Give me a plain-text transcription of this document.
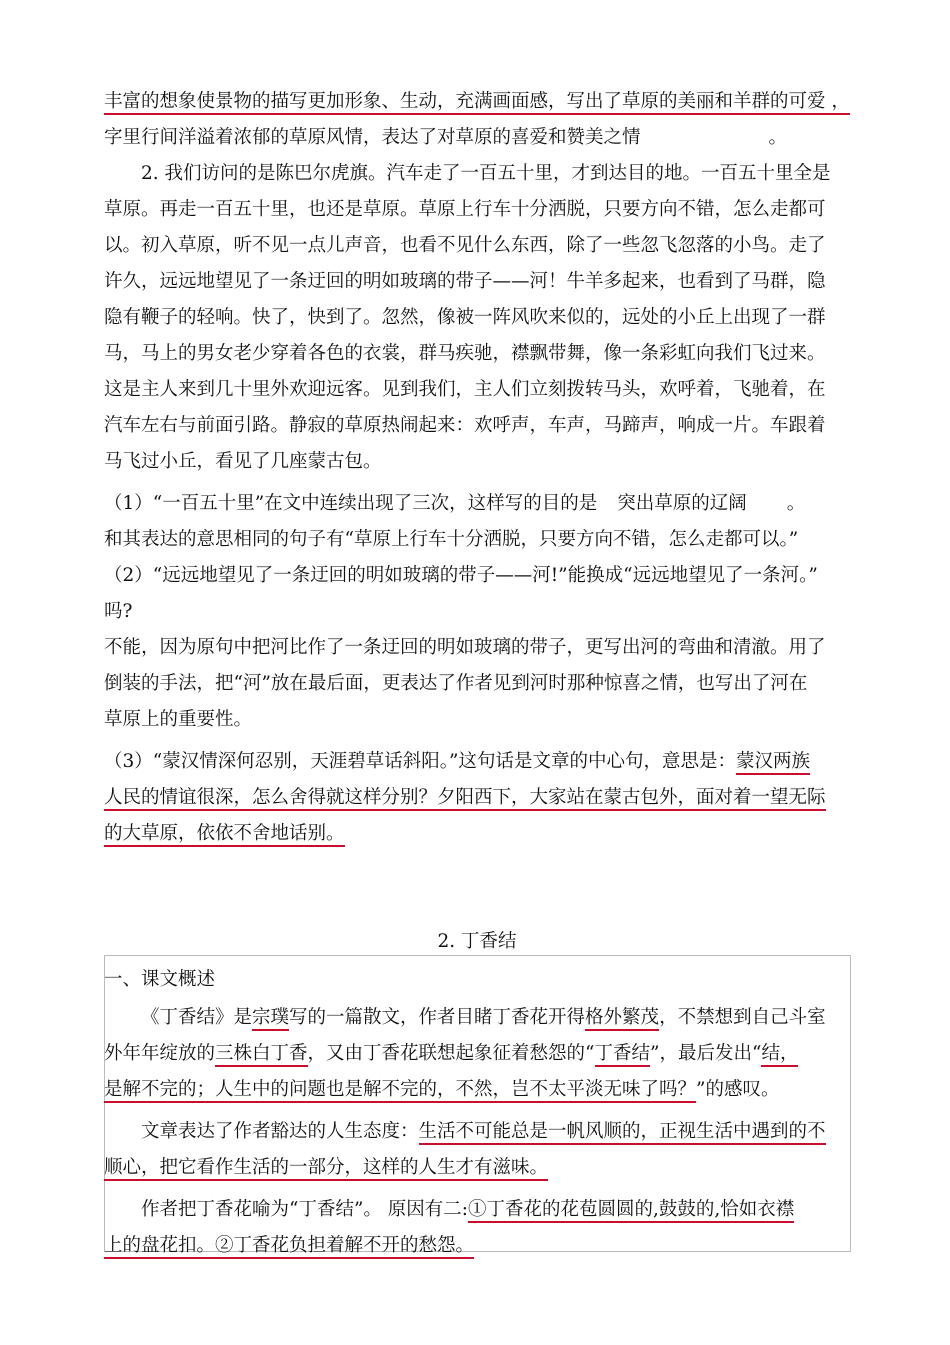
丰富的想象使景物的描写更加形象、生动，充满画面感，写出了草原的美丽和羊群的可爱 ，
字里行间洋溢着浓郁的草原风情，表达了对草原的喜爱和赞美之情	。
2. 我们访问的是陈巴尔虎旗。汽车走了一百五十里，才到达目的地。一百五十里全是
草原。再走一百五十里，也还是草原。草原上行车十分洒脱，只要方向不错，怎么走都可
以。初入草原，听不见一点儿声音，也看不见什么东西，除了一些忽飞忽落的小鸟。走了
许久，远远地望见了一条迂回的明如玻璃的带子——河！牛羊多起来，也看到了马群，隐
隐有鞭子的轻响。快了，快到了。忽然，像被一阵风吹来似的，远处的小丘上出现了一群
马，马上的男女老少穿着各色的衣裳，群马疾驰，襟飘带舞，像一条彩虹向我们飞过来。
这是主人来到几十里外欢迎远客。见到我们，主人们立刻拨转马头，欢呼着，飞驰着，在
汽车左右与前面引路。静寂的草原热闹起来：欢呼声，车声，马蹄声，响成一片。车跟着
马飞过小丘，看见了几座蒙古包。
（1）“一百五十里”在文中连续出现了三次，这样写的目的是 突出草原的辽阔 。
和其表达的意思相同的句子有“草原上行车十分洒脱，只要方向不错，怎么走都可以。”
（2）“远远地望见了一条迂回的明如玻璃的带子——河!”能换成“远远地望见了一条河。”
吗?
不能，因为原句中把河比作了一条迂回的明如玻璃的带子，更写出河的弯曲和清澈。用了
倒装的手法，把“河”放在最后面，更表达了作者见到河时那种惊喜之情，也写出了河在
草原上的重要性。
（3）“蒙汉情深何忍别，天涯碧草话斜阳。”这句话是文章的中心句，意思是：蒙汉两族
人民的情谊很深，怎么舍得就这样分别？夕阳西下，大家站在蒙古包外，面对着一望无际
的大草原，依依不舍地话别。
2. 丁香结
一、课文概述
《丁香结》是宗璞写的一篇散文，作者目睹丁香花开得格外繁茂，不禁想到自己斗室
外年年绽放的三株白丁香，又由丁香花联想起象征着愁怨的“丁香结”，最后发出“结，
是解不完的；人生中的问题也是解不完的，不然，岂不太平淡无味了吗？”的感叹。
文章表达了作者豁达的人生态度：生活不可能总是一帆风顺的，正视生活中遇到的不
顺心，把它看作生活的一部分，这样的人生才有滋味。
作者把丁香花喻为“丁香结”。 原因有二:①丁香花的花苞圆圆的,鼓鼓的,恰如衣襟
上的盘花扣。②丁香花负担着解不开的愁怨。
